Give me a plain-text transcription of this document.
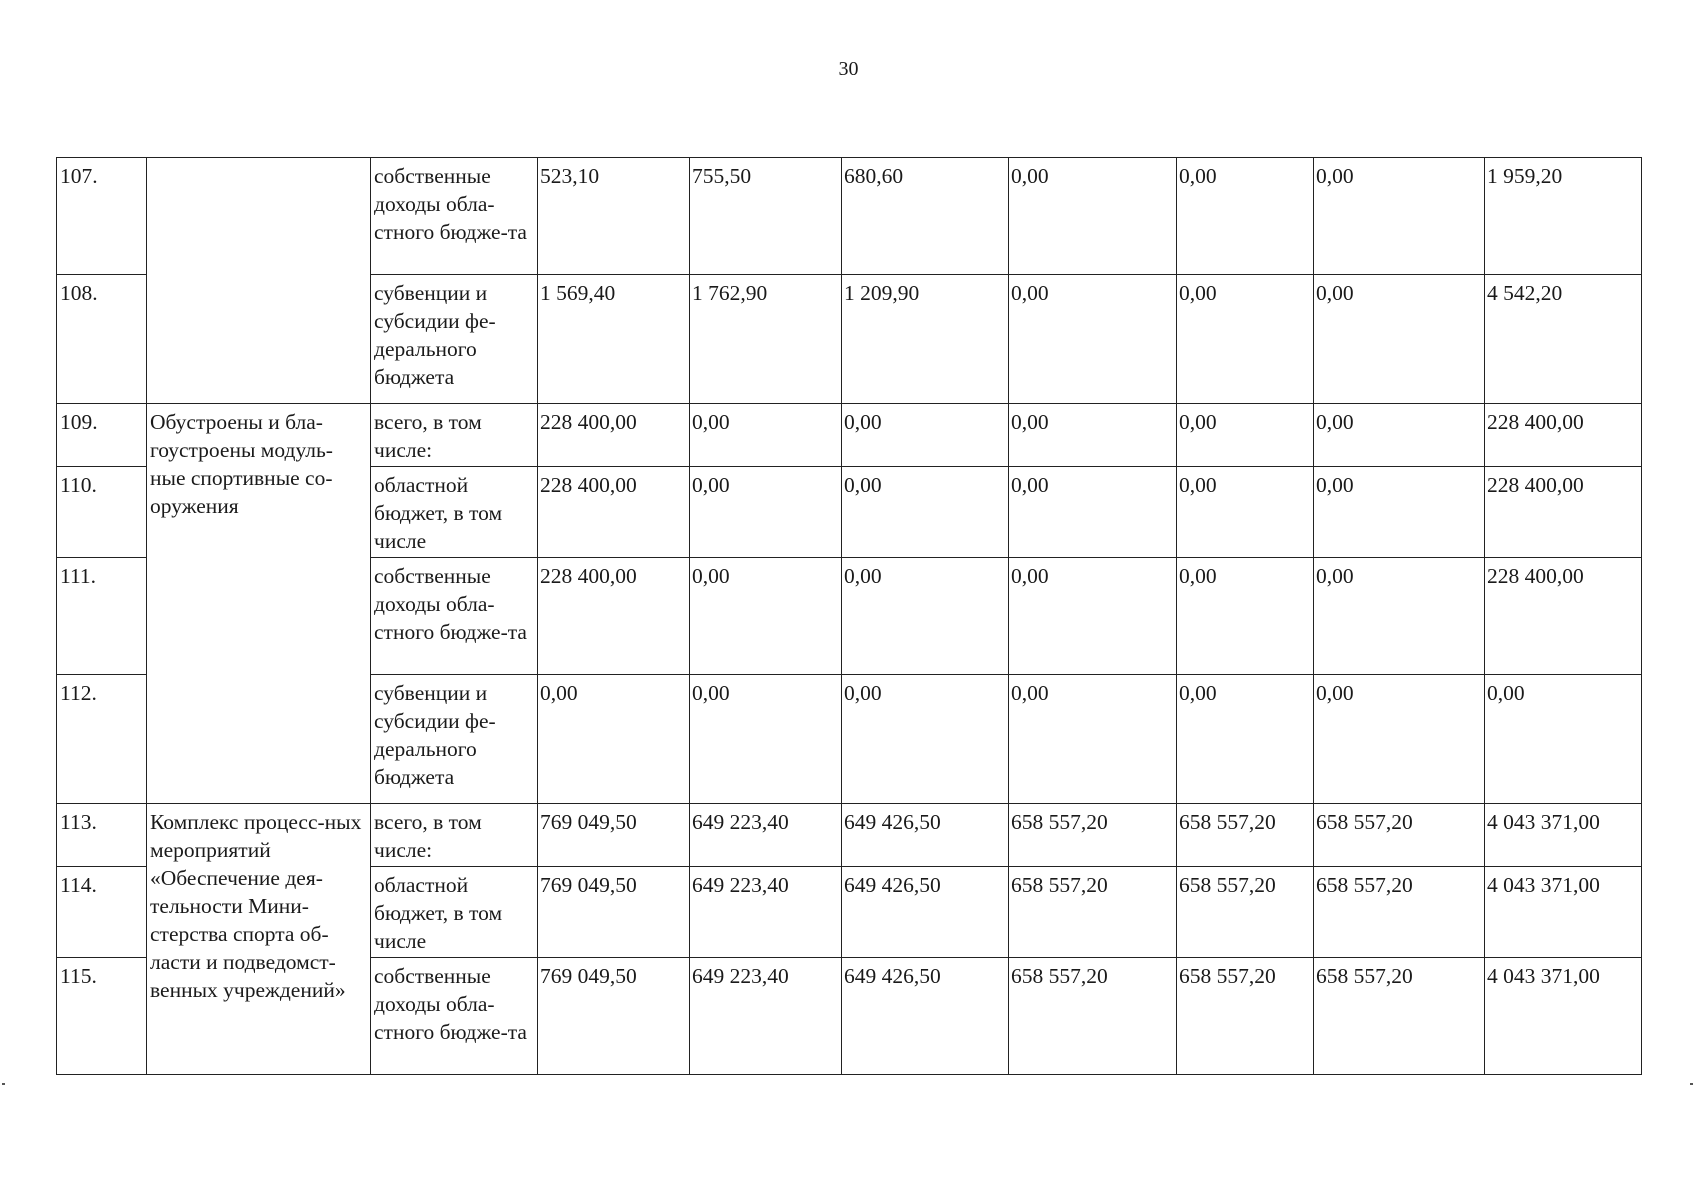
30
107.		собственные доходы обла-стного бюдже-та	523,10	755,50	680,60	0,00	0,00	0,00	1 959,20
108.		субвенции и субсидии фе-дерального бюджета	1 569,40	1 762,90	1 209,90	0,00	0,00	0,00	4 542,20
109.	Обустроены и бла-гоустроены модуль-ные спортивные со-оружения	всего, в том числе:	228 400,00	0,00	0,00	0,00	0,00	0,00	228 400,00
110.		областной бюджет, в том числе	228 400,00	0,00	0,00	0,00	0,00	0,00	228 400,00
111.		собственные доходы обла-стного бюдже-та	228 400,00	0,00	0,00	0,00	0,00	0,00	228 400,00
112.		субвенции и субсидии фе-дерального бюджета	0,00	0,00	0,00	0,00	0,00	0,00	0,00
113.	Комплекс процесс-ных мероприятий «Обеспечение дея-тельности Мини-стерства спорта об-ласти и подведомст-венных учреждений»	всего, в том числе:	769 049,50	649 223,40	649 426,50	658 557,20	658 557,20	658 557,20	4 043 371,00
114.		областной бюджет, в том числе	769 049,50	649 223,40	649 426,50	658 557,20	658 557,20	658 557,20	4 043 371,00
115.		собственные доходы обла-стного бюдже-та	769 049,50	649 223,40	649 426,50	658 557,20	658 557,20	658 557,20	4 043 371,00
